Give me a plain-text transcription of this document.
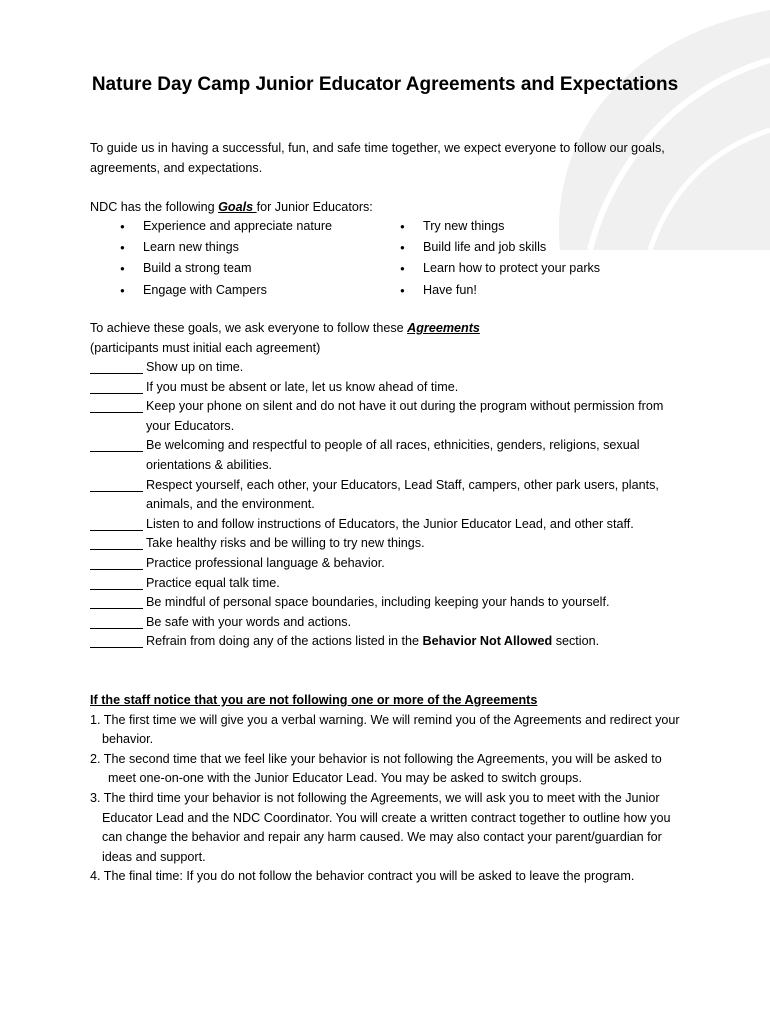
Nature Day Camp Junior Educator Agreements and Expectations

To guide us in having a successful, fun, and safe time together, we expect everyone to follow our goals, agreements, and expectations.

NDC has the following Goals for Junior Educators:

● Experience and appreciate nature
● Learn new things
● Build a strong team
● Engage with Campers
● Try new things
● Build life and job skills
● Learn how to protect your parks
● Have fun!
To achieve these goals, we ask everyone to follow these Agreements
(participants must initial each agreement)
Show up on time.
If you must be absent or late, let us know ahead of time.
Keep your phone on silent and do not have it out during the program without permission from your Educators.
Be welcoming and respectful to people of all races, ethnicities, genders, religions, sexual orientations & abilities.
Respect yourself, each other, your Educators, Lead Staff, campers, other park users, plants, animals, and the environment.
Listen to and follow instructions of Educators, the Junior Educator Lead, and other staff.
Take healthy risks and be willing to try new things.
Practice professional language & behavior.
Practice equal talk time.
Be mindful of personal space boundaries, including keeping your hands to yourself.
Be safe with your words and actions.
Refrain from doing any of the actions listed in the Behavior Not Allowed section.
If the staff notice that you are not following one or more of the Agreements
1. The first time we will give you a verbal warning. We will remind you of the Agreements and redirect your behavior.
2. The second time that we feel like your behavior is not following the Agreements, you will be asked to meet one-on-one with the Junior Educator Lead. You may be asked to switch groups.
3. The third time your behavior is not following the Agreements, we will ask you to meet with the Junior Educator Lead and the NDC Coordinator. You will create a written contract together to outline how you can change the behavior and repair any harm caused. We may also contact your parent/guardian for ideas and support.
4. The final time: If you do not follow the behavior contract you will be asked to leave the program.
